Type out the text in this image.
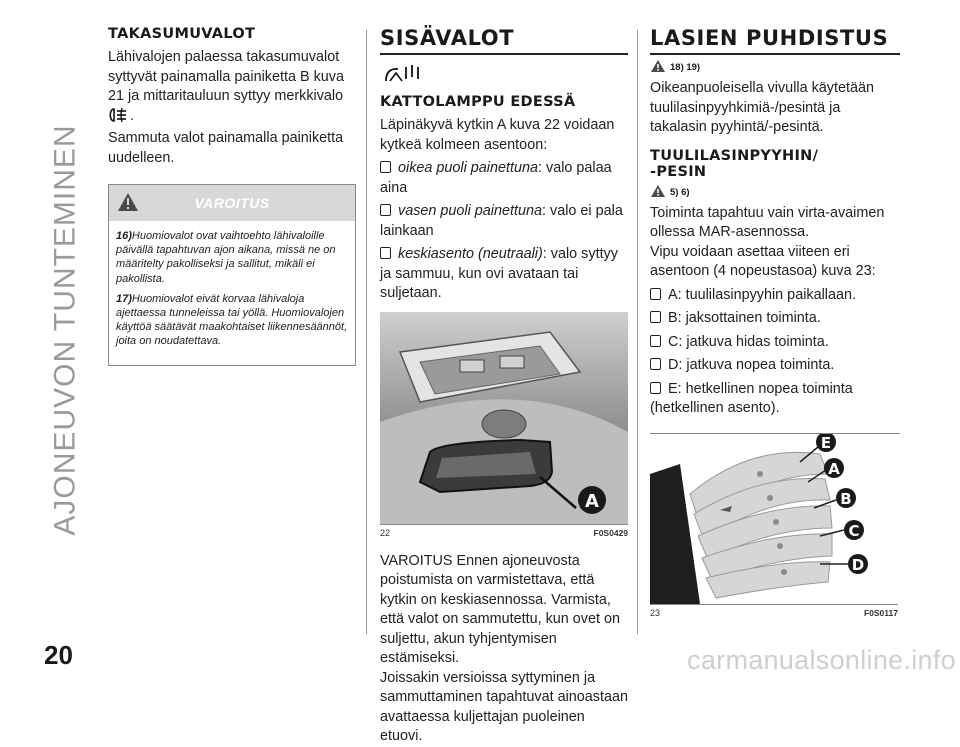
AJONEUVON TUNTEMINEN
TAKASUMUVALOT

Lähivalojen palaessa takasumuvalot syttyvät painamalla painiketta B kuva 21 ja mittaritauluun syttyy merkkivalo .

Sammuta valot painamalla painiketta uudelleen.

VAROITUS

16)Huomiovalot ovat vaihtoehto lähivaloille päivällä tapahtuvan ajon aikana, missä ne on määritelty pakolliseksi ja sallitut, mikäli ei pakollista.

17)Huomiovalot eivät korvaa lähivaloja ajettaessa tunneleissa tai yöllä. Huomiovalojen käyttöä säätävät maakohtaiset liikennesäännöt, joita on noudatettava.

SISÄVALOT
KATTOLAMPPU EDESSÄ

Läpinäkyvä kytkin A kuva 22 voidaan kytkeä kolmeen asentoon:

oikea puoli painettuna: valo palaa aina

vasen puoli painettuna: valo ei pala lainkaan

keskiasento (neutraali): valo syttyy ja sammuu, kun ovi avataan tai suljetaan.

A
22	F0S0429

VAROITUS Ennen ajoneuvosta poistumista on varmistettava, että kytkin on keskiasennossa. Varmista, että valot on sammutettu, kun ovet on suljettu, akun tyhjentymisen estämiseksi.

Joissakin versioissa syttyminen ja sammuttaminen tapahtuvat ainoastaan avattaessa kuljettajan puoleinen etuovi.

LASIEN PUHDISTUS
18) 19)

Oikeanpuoleisella vivulla käytetään tuulilasinpyyhkimiä-/pesintä ja takalasin pyyhintä/-pesintä.

TUULILASINPYYHIN/
-PESIN
5) 6)

Toiminta tapahtuu vain virta-avaimen ollessa MAR-asennossa.

Vipu voidaan asettaa viiteen eri asentoon (4 nopeustasoa) kuva 23:

A: tuulilasinpyyhin paikallaan.

B: jaksottainen toiminta.

C: jatkuva hidas toiminta.

D: jatkuva nopea toiminta.

E: hetkellinen nopea toiminta (hetkellinen asento).

E
A
B
C
D
23	F0S0117
20	carmanualsonline.info
